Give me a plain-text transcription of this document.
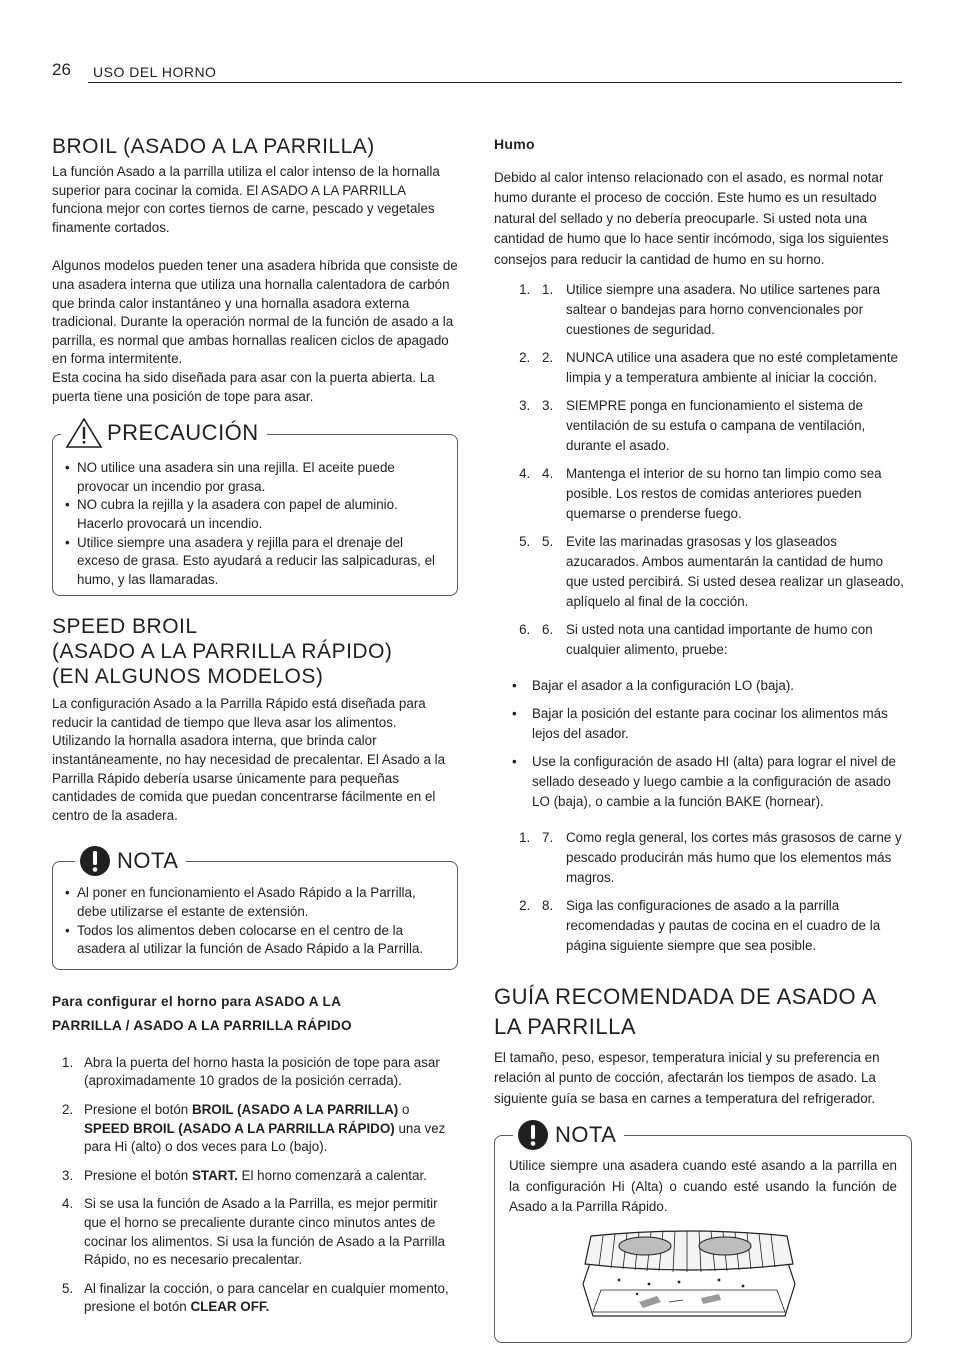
26 USO DEL HORNO
BROIL (ASADO A LA PARRILLA)

La función Asado a la parrilla utiliza el calor intenso de la hornalla superior para cocinar la comida. El ASADO A LA PARRILLA funciona mejor con cortes tiernos de carne, pescado y vegetales finamente cortados.

Algunos modelos pueden tener una asadera híbrida que consiste de una asadera interna que utiliza una hornalla calentadora de carbón que brinda calor instantáneo y una hornalla asadora externa tradicional. Durante la operación normal de la función de asado a la parrilla, es normal que ambas hornallas realicen ciclos de apagado en forma intermitente.

Esta cocina ha sido diseñada para asar con la puerta abierta. La puerta tiene una posición de tope para asar.

PRECAUCIÓN
• NO utilice una asadera sin una rejilla. El aceite puede provocar un incendio por grasa.
• NO cubra la rejilla y la asadera con papel de aluminio. Hacerlo provocará un incendio.
• Utilice siempre una asadera y rejilla para el drenaje del exceso de grasa. Esto ayudará a reducir las salpicaduras, el humo, y las llamaradas.
SPEED BROIL
(ASADO A LA PARRILLA RÁPIDO)
(EN ALGUNOS MODELOS)

La configuración Asado a la Parrilla Rápido está diseñada para reducir la cantidad de tiempo que lleva asar los alimentos. Utilizando la hornalla asadora interna, que brinda calor instantáneamente, no hay necesidad de precalentar. El Asado a la Parrilla Rápido debería usarse únicamente para pequeñas cantidades de comida que puedan concentrarse fácilmente en el centro de la asadera.

NOTA
• Al poner en funcionamiento el Asado Rápido a la Parrilla, debe utilizarse el estante de extensión.
• Todos los alimentos deben colocarse en el centro de la asadera al utilizar la función de Asado Rápido a la Parrilla.
Para configurar el horno para ASADO A LA
PARRILLA / ASADO A LA PARRILLA RÁPIDO
1. Abra la puerta del horno hasta la posición de tope para asar (aproximadamente 10 grados de la posición cerrada).
2. Presione el botón BROIL (ASADO A LA PARRILLA) o
SPEED BROIL (ASADO A LA PARRILLA RÁPIDO) una vez para Hi (alto) o dos veces para Lo (bajo).
3. Presione el botón START. El horno comenzará a calentar.
4. Si se usa la función de Asado a la Parrilla, es mejor permitir que el horno se precaliente durante cinco minutos antes de cocinar los alimentos. Si usa la función de Asado a la Parrilla Rápido, no es necesario precalentar.
5. Al finalizar la cocción, o para cancelar en cualquier momento, presione el botón CLEAR OFF.
Humo

Debido al calor intenso relacionado con el asado, es normal notar humo durante el proceso de cocción. Este humo es un resultado natural del sellado y no debería preocuparle. Si usted nota una cantidad de humo que lo hace sentir incómodo, siga los siguientes consejos para reducir la cantidad de humo en su horno.

1. 1. Utilice siempre una asadera. No utilice sartenes para saltear o bandejas para horno convencionales por cuestiones de seguridad.
2. 2. NUNCA utilice una asadera que no esté completamente limpia y a temperatura ambiente al iniciar la cocción.
3. 3. SIEMPRE ponga en funcionamiento el sistema de ventilación de su estufa o campana de ventilación, durante el asado.
4. 4. Mantenga el interior de su horno tan limpio como sea posible. Los restos de comidas anteriores pueden quemarse o prenderse fuego.
5. 5. Evite las marinadas grasosas y los glaseados azucarados. Ambos aumentarán la cantidad de humo que usted percibirá. Si usted desea realizar un glaseado, aplíquelo al final de la cocción.
6. 6. Si usted nota una cantidad importante de humo con cualquier alimento, pruebe:
• Bajar el asador a la configuración LO (baja).
• Bajar la posición del estante para cocinar los alimentos más lejos del asador.
• Use la configuración de asado HI (alta) para lograr el nivel de sellado deseado y luego cambie a la configuración de asado LO (baja), o cambie a la función BAKE (hornear).
1. 7. Como regla general, los cortes más grasosos de carne y pescado producirán más humo que los elementos más magros.
2. 8. Siga las configuraciones de asado a la parrilla recomendadas y pautas de cocina en el cuadro de la página siguiente siempre que sea posible.
GUÍA RECOMENDADA DE ASADO A
LA PARRILLA

El tamaño, peso, espesor, temperatura inicial y su preferencia en relación al punto de cocción, afectarán los tiempos de asado. La siguiente guía se basa en carnes a temperatura del refrigerador.

NOTA

Utilice siempre una asadera cuando esté asando a la parrilla en la configuración Hi (Alta) o cuando esté usando la función de Asado a la Parrilla Rápido.
